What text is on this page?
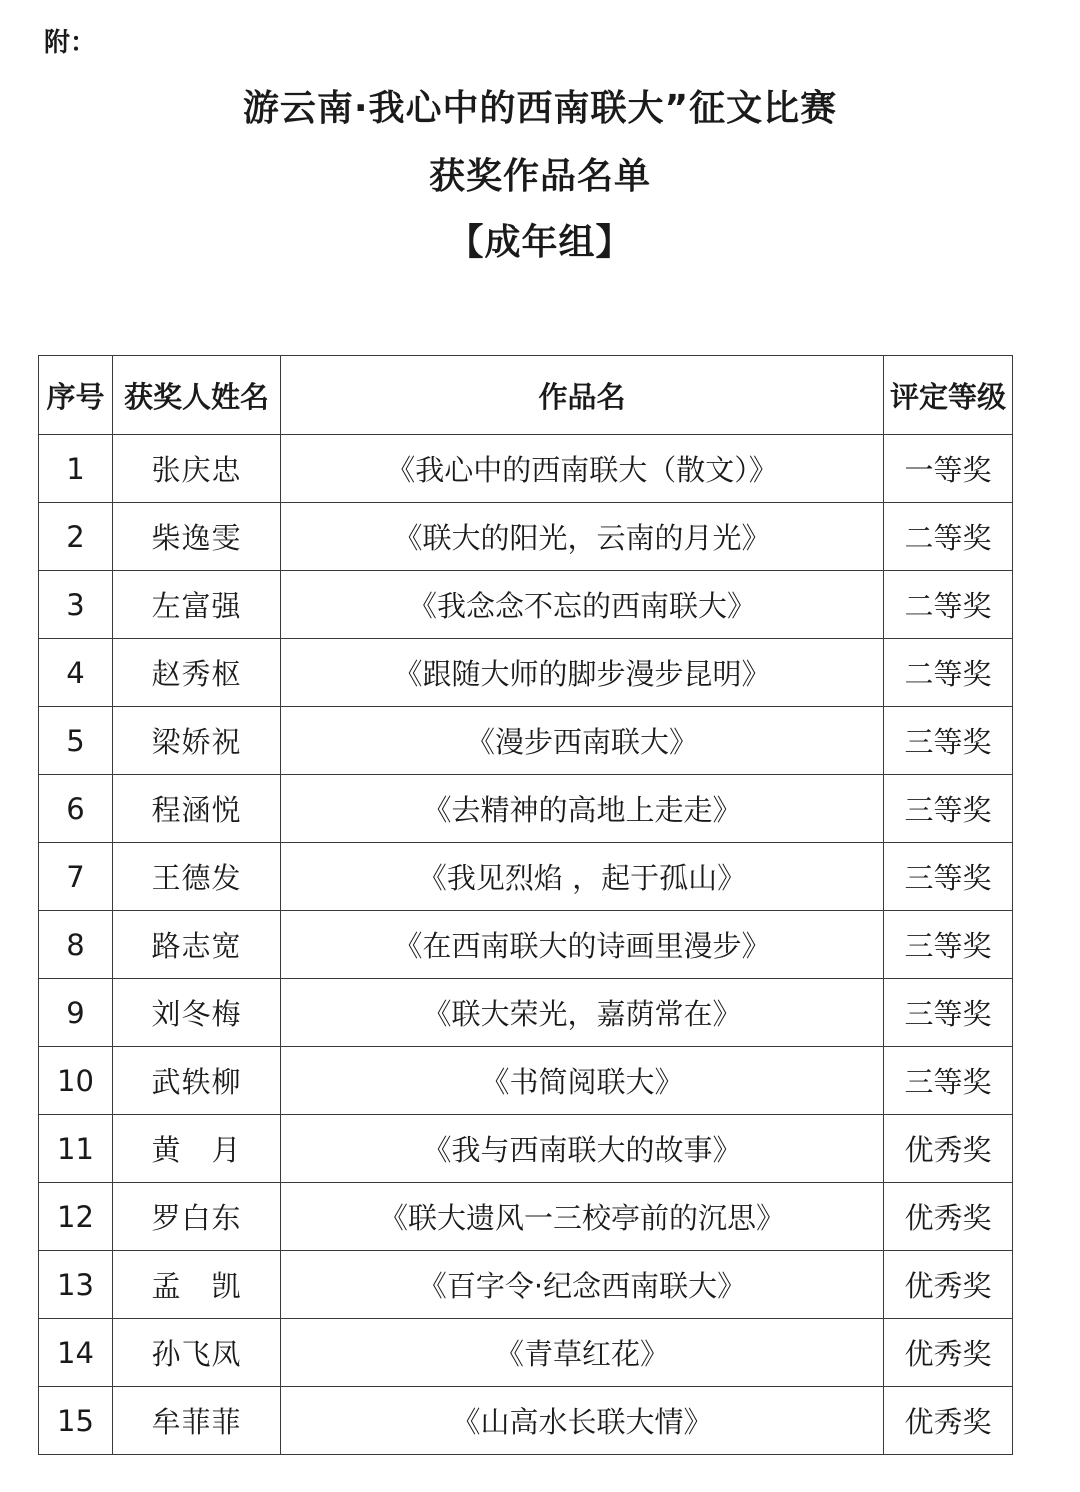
附：
游云南·我心中的西南联大”征文比赛
获奖作品名单
【成年组】
序号	获奖人姓名	作品名	评定等级
1	张庆忠	《我心中的西南联大（散文）》	一等奖
2	柴逸雯	《联大的阳光，云南的月光》	二等奖
3	左富强	《我念念不忘的西南联大》	二等奖
4	赵秀枢	《跟随大师的脚步漫步昆明》	二等奖
5	梁娇祝	《漫步西南联大》	三等奖
6	程涵悦	《去精神的高地上走走》	三等奖
7	王德发	《我见烈焰 ，起于孤山》	三等奖
8	路志宽	《在西南联大的诗画里漫步》	三等奖
9	刘冬梅	《联大荣光，嘉荫常在》	三等奖
10	武轶柳	《书简阅联大》	三等奖
11	黄　月	《我与西南联大的故事》	优秀奖
12	罗白东	《联大遗风一三校亭前的沉思》	优秀奖
13	孟　凯	《百字令·纪念西南联大》	优秀奖
14	孙飞凤	《青草红花》	优秀奖
15	牟菲菲	《山高水长联大情》	优秀奖
